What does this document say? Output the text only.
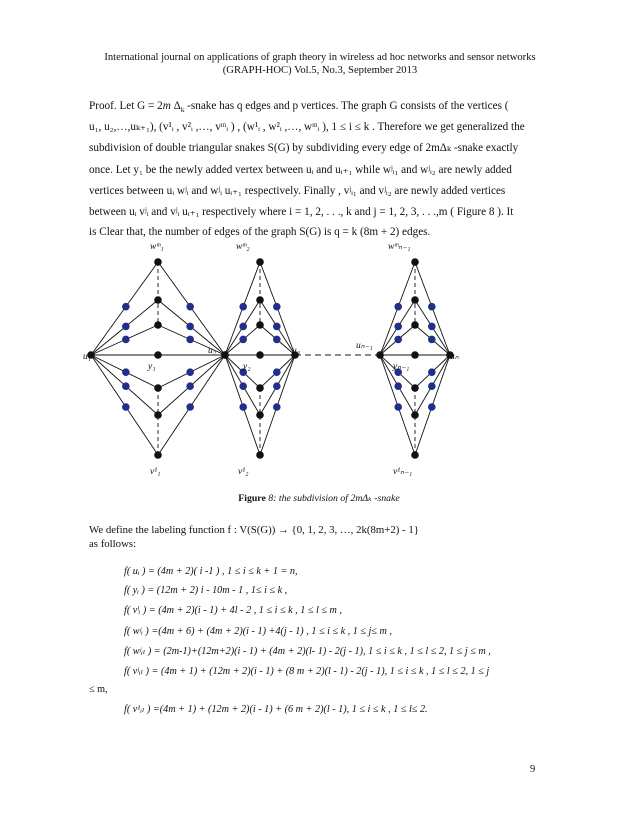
International journal on applications of graph theory in wireless ad hoc networks and sensor networks
(GRAPH-HOC) Vol.5, No.3, September 2013
Proof. Let G = 2m $\Delta_k$ -snake has q edges and p vertices. The graph G consists of the vertices (
u₁, u₂,…,uₖ₊₁), (v¹ᵢ , v²ᵢ ,…, vᵐᵢ ) , (w¹ᵢ , w²ᵢ ,…, wᵐᵢ ), 1 ≤ i ≤ k . Therefore we get generalized the
subdivision of double triangular snakes S(G) by subdividing every edge of 2mΔₖ -snake exactly
once. Let y₁ be the newly added vertex between uᵢ and uᵢ₊₁ while wʲᵢ₁ and wʲᵢ₂ are newly added
vertices between uᵢ wʲᵢ and wʲᵢ uᵢ₊₁ respectively. Finally , vʲᵢ₁ and vʲᵢ₂ are newly added vertices
between uᵢ vʲᵢ and vʲᵢ uᵢ₊₁ respectively where i = 1, 2, . . ., k and j = 1, 2, 3, . . .,m ( Figure 8 ). It
is Clear that, the number of edges of the graph S(G) is q = k (8m + 2) edges.
u₁
u₂	u₃	uₙ₋₁
uₙ
wᵐ₁	wᵐ₂	wᵐₙ₋₁
v¹₁	v¹₂	v¹ₙ₋₁
y₁	y₂	yₙ₋₁
Figure 8: the subdivision of 2mΔₖ -snake
We define the labeling function f : V(S(G)) → {0, 1, 2, 3, …, 2k(8m+2) - 1}
as follows:
f( uᵢ ) = (4m + 2)( i -1 ) , 1 ≤ i ≤ k + 1 = n,
f( yᵢ ) = (12m + 2) i - 10m - 1 , 1≤ i ≤ k ,
f( vˡᵢ ) = (4m + 2)(i - 1) + 4l - 2 , 1 ≤ i ≤ k , 1 ≤ l ≤ m ,
f( wʲᵢ ) =(4m + 6) + (4m + 2)(i - 1) +4(j - 1) , 1 ≤ i ≤ k , 1 ≤ j≤ m ,
f( wʲᵢₗ ) = (2m-1)+(12m+2)(i - 1) + (4m + 2)(l- 1) - 2(j - 1), 1 ≤ i ≤ k , 1 ≤ l ≤ 2, 1 ≤ j ≤ m ,
f( vʲᵢₗ ) = (4m + 1) + (12m + 2)(i - 1) + (8 m + 2)(l - 1) - 2(j - 1), 1 ≤ i ≤ k , 1 ≤ l ≤ 2, 1 ≤ j
≤ m,
f( v¹ᵢₗ ) =(4m + 1) + (12m + 2)(i - 1) + (6 m + 2)(l - 1), 1 ≤ i ≤ k , 1 ≤ l≤ 2.
9
